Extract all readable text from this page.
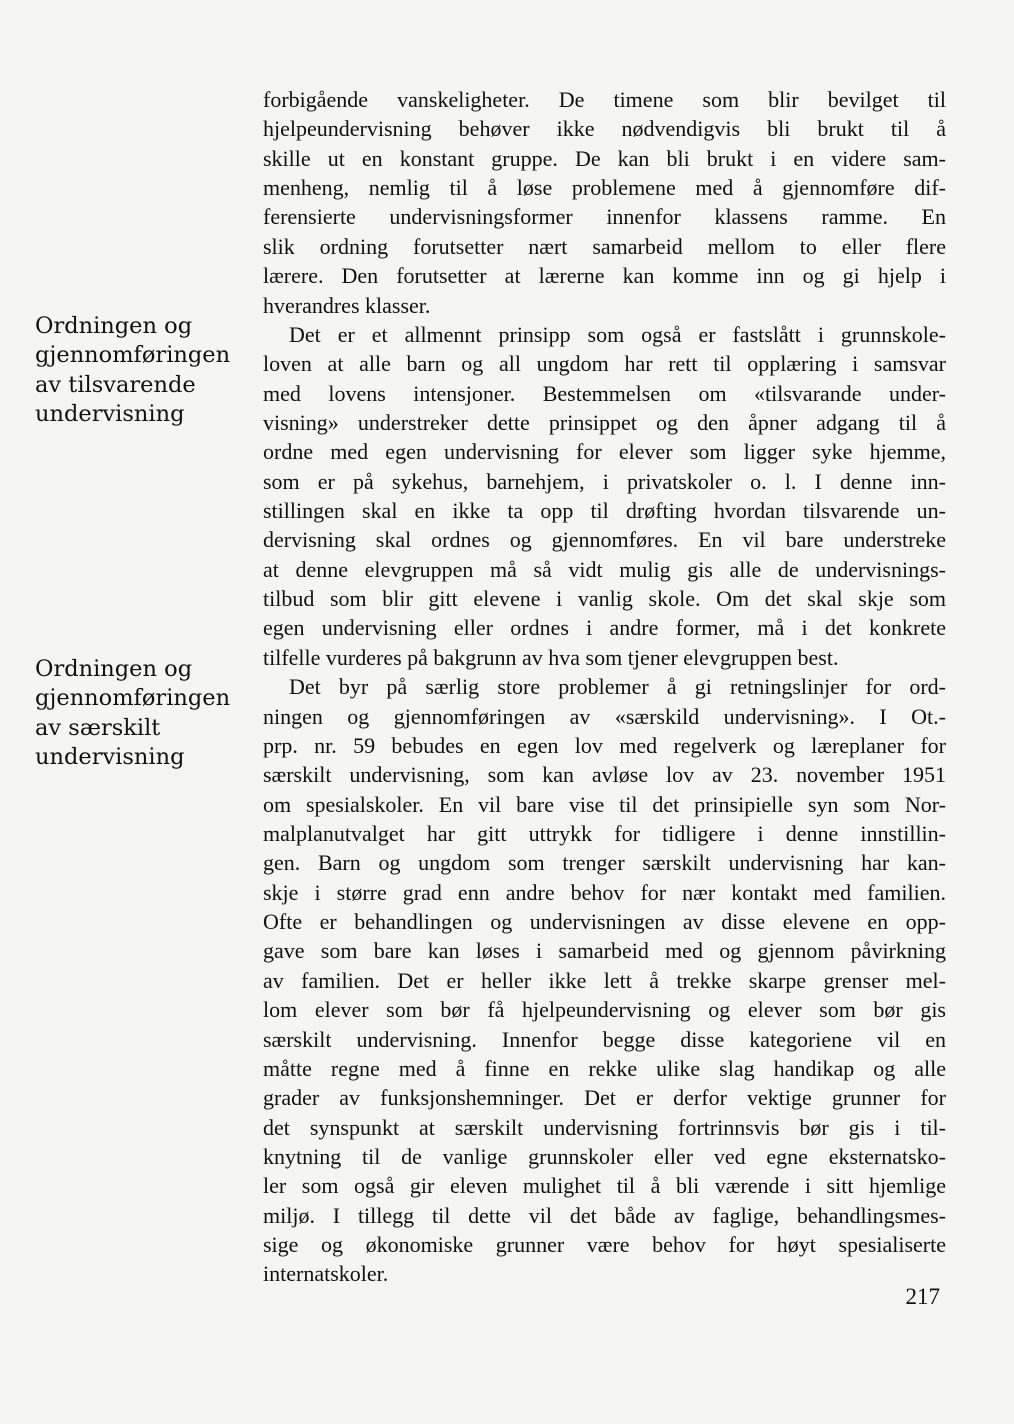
Ordningen og
gjennomføringen
av tilsvarende
undervisning
Ordningen og
gjennomføringen
av særskilt
undervisning
forbigående vanskeligheter. De timene som blir bevilget til
hjelpeundervisning behøver ikke nødvendigvis bli brukt til å
skille ut en konstant gruppe. De kan bli brukt i en videre sam-
menheng, nemlig til å løse problemene med å gjennomføre dif-
ferensierte undervisningsformer innenfor klassens ramme. En
slik ordning forutsetter nært samarbeid mellom to eller flere
lærere. Den forutsetter at lærerne kan komme inn og gi hjelp i
hverandres klasser.
Det er et allmennt prinsipp som også er fastslått i grunnskole-
loven at alle barn og all ungdom har rett til opplæring i samsvar
med lovens intensjoner. Bestemmelsen om «tilsvarande under-
visning» understreker dette prinsippet og den åpner adgang til å
ordne med egen undervisning for elever som ligger syke hjemme,
som er på sykehus, barnehjem, i privatskoler o. l. I denne inn-
stillingen skal en ikke ta opp til drøfting hvordan tilsvarende un-
dervisning skal ordnes og gjennomføres. En vil bare understreke
at denne elevgruppen må så vidt mulig gis alle de undervisnings-
tilbud som blir gitt elevene i vanlig skole. Om det skal skje som
egen undervisning eller ordnes i andre former, må i det konkrete
tilfelle vurderes på bakgrunn av hva som tjener elevgruppen best.
Det byr på særlig store problemer å gi retningslinjer for ord-
ningen og gjennomføringen av «særskild undervisning». I Ot.-
prp. nr. 59 bebudes en egen lov med regelverk og læreplaner for
særskilt undervisning, som kan avløse lov av 23. november 1951
om spesialskoler. En vil bare vise til det prinsipielle syn som Nor-
malplanutvalget har gitt uttrykk for tidligere i denne innstillin-
gen. Barn og ungdom som trenger særskilt undervisning har kan-
skje i større grad enn andre behov for nær kontakt med familien.
Ofte er behandlingen og undervisningen av disse elevene en opp-
gave som bare kan løses i samarbeid med og gjennom påvirkning
av familien. Det er heller ikke lett å trekke skarpe grenser mel-
lom elever som bør få hjelpeundervisning og elever som bør gis
særskilt undervisning. Innenfor begge disse kategoriene vil en
måtte regne med å finne en rekke ulike slag handikap og alle
grader av funksjonshemninger. Det er derfor vektige grunner for
det synspunkt at særskilt undervisning fortrinnsvis bør gis i til-
knytning til de vanlige grunnskoler eller ved egne eksternatsko-
ler som også gir eleven mulighet til å bli værende i sitt hjemlige
miljø. I tillegg til dette vil det både av faglige, behandlingsmes-
sige og økonomiske grunner være behov for høyt spesialiserte
internatskoler.
217
